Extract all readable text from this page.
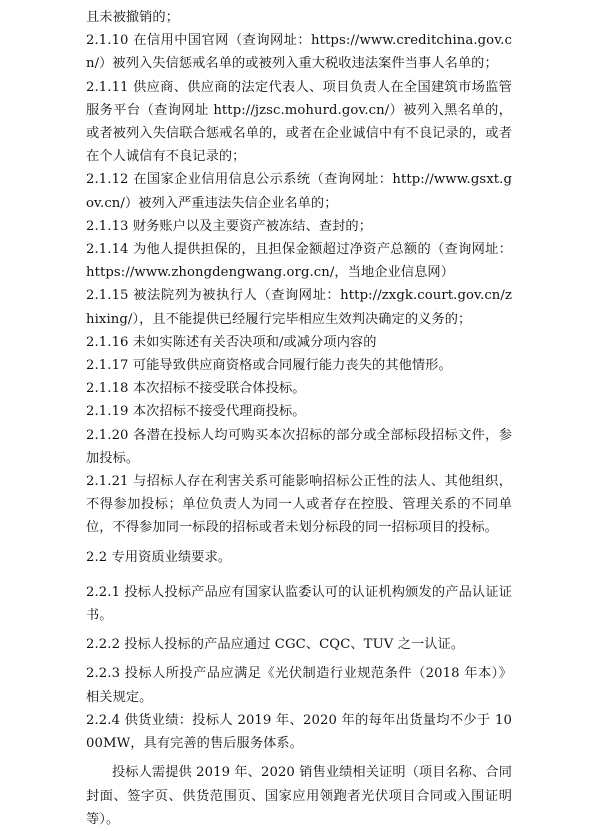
且未被撤销的；

2.1.10 在信用中国官网（查询网址：https://www.creditchina.gov.cn/）被列入失信惩戒名单的或被列入重大税收违法案件当事人名单的；

2.1.11 供应商、供应商的法定代表人、项目负责人在全国建筑市场监管服务平台（查询网址 http://jzsc.mohurd.gov.cn/）被列入黑名单的，或者被列入失信联合惩戒名单的，或者在企业诚信中有不良记录的，或者在个人诚信有不良记录的；

2.1.12 在国家企业信用信息公示系统（查询网址：http://www.gsxt.gov.cn/）被列入严重违法失信企业名单的；

2.1.13 财务账户以及主要资产被冻结、查封的；

2.1.14 为他人提供担保的，且担保金额超过净资产总额的（查询网址：https://www.zhongdengwang.org.cn/，当地企业信息网）

2.1.15 被法院列为被执行人（查询网址：http://zxgk.court.gov.cn/zhixing/），且不能提供已经履行完毕相应生效判决确定的义务的；

2.1.16 未如实陈述有关否决项和/或减分项内容的

2.1.17 可能导致供应商资格或合同履行能力丧失的其他情形。

2.1.18 本次招标不接受联合体投标。

2.1.19 本次招标不接受代理商投标。

2.1.20 各潜在投标人均可购买本次招标的部分或全部标段招标文件，参加投标。

2.1.21 与招标人存在利害关系可能影响招标公正性的法人、其他组织，不得参加投标；单位负责人为同一人或者存在控股、管理关系的不同单位，不得参加同一标段的招标或者未划分标段的同一招标项目的投标。

2.2 专用资质业绩要求。

2.2.1 投标人投标产品应有国家认监委认可的认证机构颁发的产品认证证书。

2.2.2 投标人投标的产品应通过 CGC、CQC、TUV 之一认证。

2.2.3 投标人所投产品应满足《光伏制造行业规范条件（2018 年本）》相关规定。

2.2.4 供货业绩：投标人 2019 年、2020 年的每年出货量均不少于 1000MW，具有完善的售后服务体系。

投标人需提供 2019 年、2020 销售业绩相关证明（项目名称、合同封面、签字页、供货范围页、国家应用领跑者光伏项目合同或入围证明等）。
